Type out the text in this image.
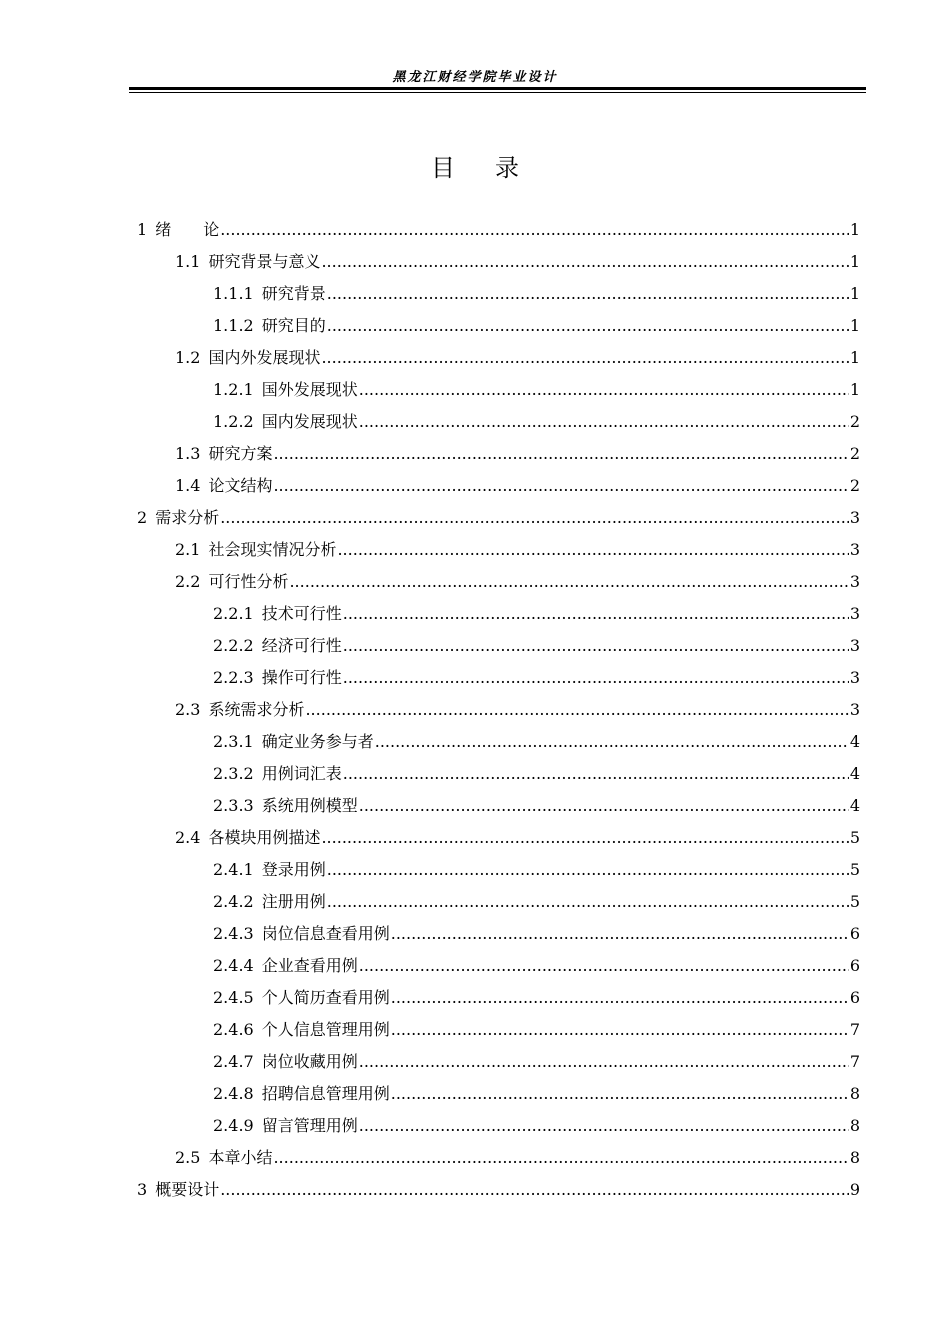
黑龙江财经学院毕业设计
目录
1 绪　　论 .....	1
1.1 研究背景与意义 .....	1
1.1.1 研究背景 .....	1
1.1.2 研究目的 .....	1
1.2 国内外发展现状 .....	1
1.2.1 国外发展现状 .....	1
1.2.2 国内发展现状 .....	2
1.3 研究方案 .....	2
1.4 论文结构 .....	2
2 需求分析 .....	3
2.1 社会现实情况分析 .....	3
2.2 可行性分析 .....	3
2.2.1 技术可行性 .....	3
2.2.2 经济可行性 .....	3
2.2.3 操作可行性 .....	3
2.3 系统需求分析 .....	3
2.3.1 确定业务参与者 .....	4
2.3.2 用例词汇表 .....	4
2.3.3 系统用例模型 .....	4
2.4 各模块用例描述 .....	5
2.4.1 登录用例 .....	5
2.4.2 注册用例 .....	5
2.4.3 岗位信息查看用例 .....	6
2.4.4 企业查看用例 .....	6
2.4.5 个人简历查看用例 .....	6
2.4.6 个人信息管理用例 .....	7
2.4.7 岗位收藏用例 .....	7
2.4.8 招聘信息管理用例 .....	8
2.4.9 留言管理用例 .....	8
2.5 本章小结 .....	8
3 概要设计 .....	9
